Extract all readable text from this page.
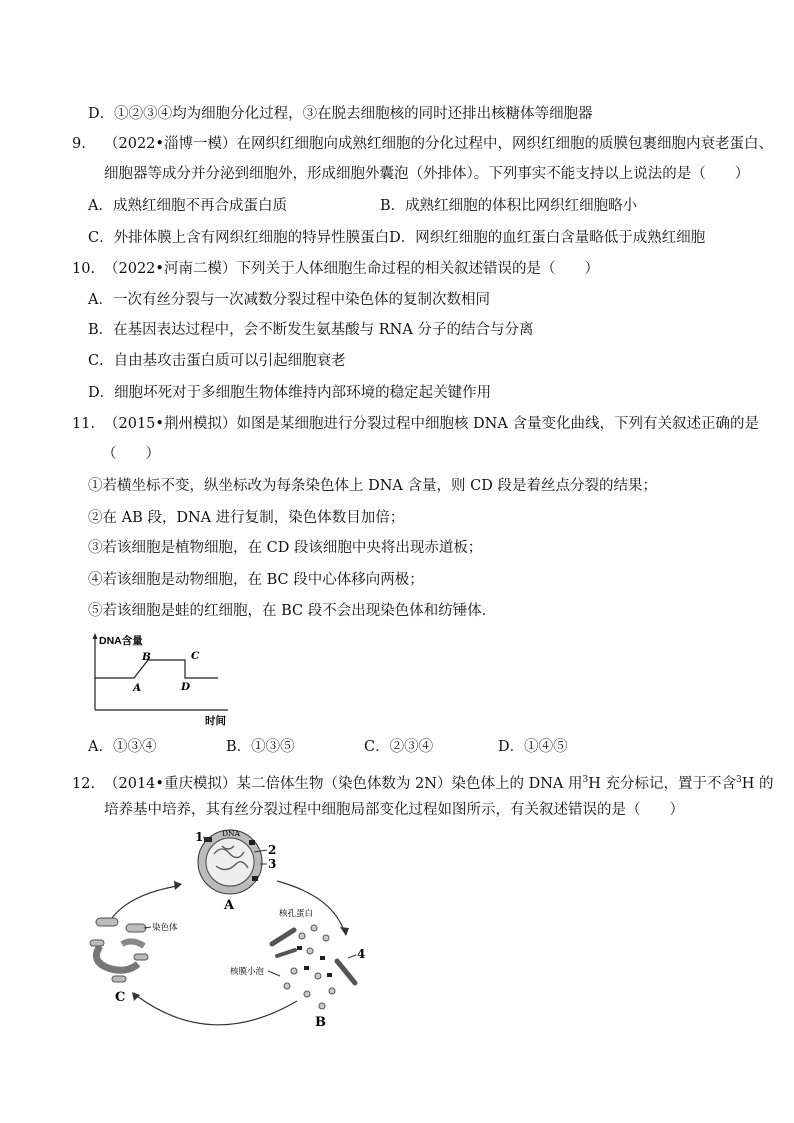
D．①②③④均为细胞分化过程，③在脱去细胞核的同时还排出核糖体等细胞器
9. （2022•淄博一模）在网织红细胞向成熟红细胞的分化过程中，网织红细胞的质膜包裹细胞内衰老蛋白、
细胞器等成分并分泌到细胞外，形成细胞外囊泡（外排体）。下列事实不能支持以上说法的是（　　）
A．成熟红细胞不再合成蛋白质	B．成熟红细胞的体积比网织红细胞略小
C．外排体膜上含有网织红细胞的特异性膜蛋白D．网织红细胞的血红蛋白含量略低于成熟红细胞
10. （2022•河南二模）下列关于人体细胞生命过程的相关叙述错误的是（　　）
A．一次有丝分裂与一次减数分裂过程中染色体的复制次数相同
B．在基因表达过程中，会不断发生氨基酸与 RNA 分子的结合与分离
C．自由基攻击蛋白质可以引起细胞衰老
D．细胞坏死对于多细胞生物体维持内部环境的稳定起关键作用
11. （2015•荆州模拟）如图是某细胞进行分裂过程中细胞核 DNA 含量变化曲线，下列有关叙述正确的是
（　　）
①若横坐标不变，纵坐标改为每条染色体上 DNA 含量，则 CD 段是着丝点分裂的结果；
②在 AB 段，DNA 进行复制，染色体数目加倍；
③若该细胞是植物细胞，在 CD 段该细胞中央将出现赤道板；
④若该细胞是动物细胞，在 BC 段中心体移向两极；
⑤若该细胞是蛙的红细胞，在 BC 段不会出现染色体和纺锤体．
DNA含量
时间
A
B	C
D
A．①③④	B．①③⑤	C．②③④	D．①④⑤
12. （2014•重庆模拟）某二倍体生物（染色体数为 2N）染色体上的 DNA 用$^3$H 充分标记，置于不含$^3$H 的
培养基中培养，其有丝分裂过程中细胞局部变化过程如图所示，有关叙述错误的是（　　）
1 DNA
2
3
A
核孔蛋白
核膜小泡
4
B
染色体
C
